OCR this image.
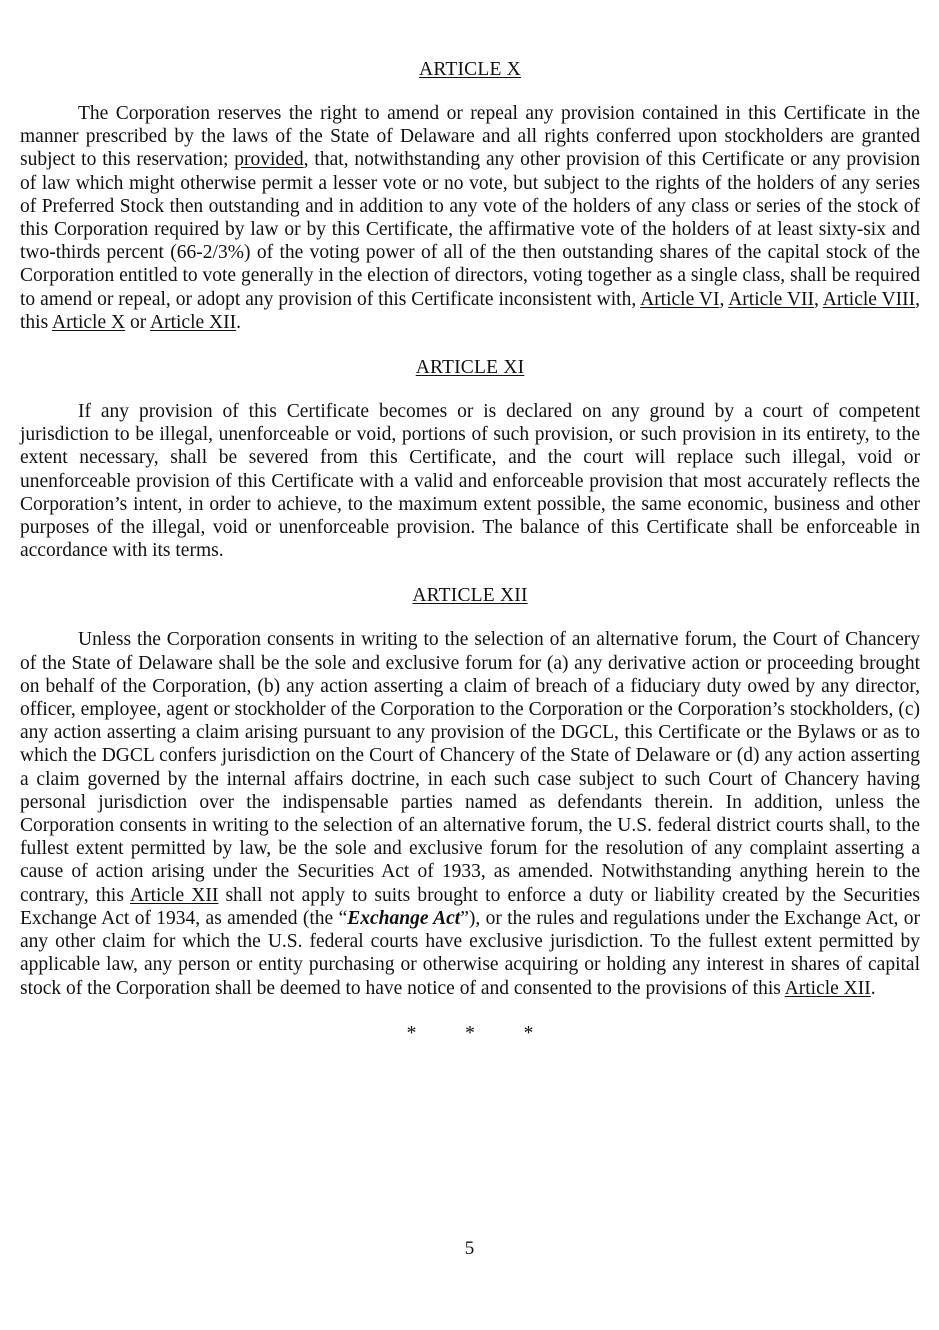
ARTICLE X

The Corporation reserves the right to amend or repeal any provision contained in this Certificate in the manner prescribed by the laws of the State of Delaware and all rights conferred upon stockholders are granted subject to this reservation; provided, that, notwithstanding any other provision of this Certificate or any provision of law which might otherwise permit a lesser vote or no vote, but subject to the rights of the holders of any series of Preferred Stock then outstanding and in addition to any vote of the holders of any class or series of the stock of this Corporation required by law or by this Certificate, the affirmative vote of the holders of at least sixty-six and two-thirds percent (66-2/3%) of the voting power of all of the then outstanding shares of the capital stock of the Corporation entitled to vote generally in the election of directors, voting together as a single class, shall be required to amend or repeal, or adopt any provision of this Certificate inconsistent with, Article VI, Article VII, Article VIII, this Article X or Article XII.

ARTICLE XI

If any provision of this Certificate becomes or is declared on any ground by a court of competent jurisdiction to be illegal, unenforceable or void, portions of such provision, or such provision in its entirety, to the extent necessary, shall be severed from this Certificate, and the court will replace such illegal, void or unenforceable provision of this Certificate with a valid and enforceable provision that most accurately reflects the Corporation’s intent, in order to achieve, to the maximum extent possible, the same economic, business and other purposes of the illegal, void or unenforceable provision. The balance of this Certificate shall be enforceable in accordance with its terms.

ARTICLE XII

Unless the Corporation consents in writing to the selection of an alternative forum, the Court of Chancery of the State of Delaware shall be the sole and exclusive forum for (a) any derivative action or proceeding brought on behalf of the Corporation, (b) any action asserting a claim of breach of a fiduciary duty owed by any director, officer, employee, agent or stockholder of the Corporation to the Corporation or the Corporation’s stockholders, (c) any action asserting a claim arising pursuant to any provision of the DGCL, this Certificate or the Bylaws or as to which the DGCL confers jurisdiction on the Court of Chancery of the State of Delaware or (d) any action asserting a claim governed by the internal affairs doctrine, in each such case subject to such Court of Chancery having personal jurisdiction over the indispensable parties named as defendants therein. In addition, unless the Corporation consents in writing to the selection of an alternative forum, the U.S. federal district courts shall, to the fullest extent permitted by law, be the sole and exclusive forum for the resolution of any complaint asserting a cause of action arising under the Securities Act of 1933, as amended. Notwithstanding anything herein to the contrary, this Article XII shall not apply to suits brought to enforce a duty or liability created by the Securities Exchange Act of 1934, as amended (the “Exchange Act”), or the rules and regulations under the Exchange Act, or any other claim for which the U.S. federal courts have exclusive jurisdiction. To the fullest extent permitted by applicable law, any person or entity purchasing or otherwise acquiring or holding any interest in shares of capital stock of the Corporation shall be deemed to have notice of and consented to the provisions of this Article XII.

*          *          *
5
